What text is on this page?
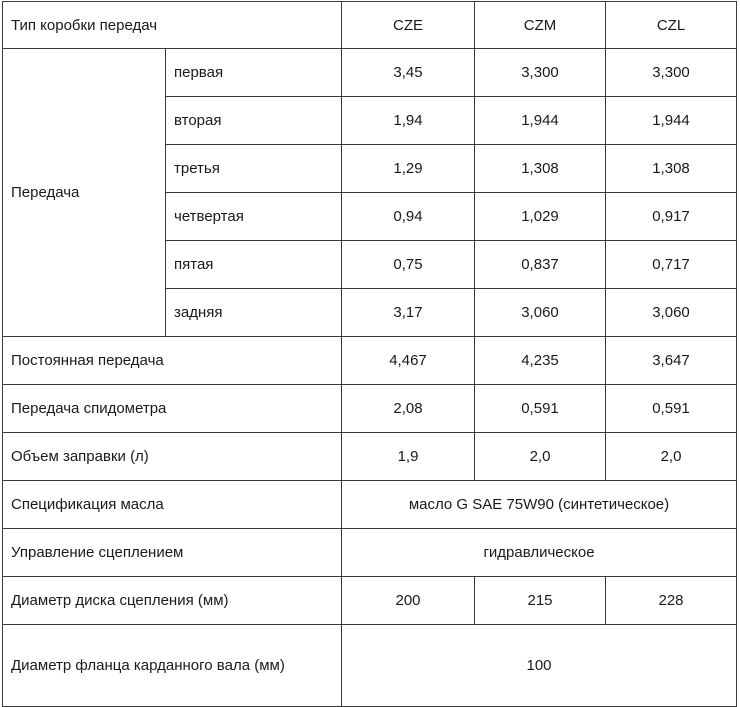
Тип коробки передач		CZE	CZM	CZL
Передача	первая	3,45	3,300	3,300
	вторая	1,94	1,944	1,944
	третья	1,29	1,308	1,308
	четвертая	0,94	1,029	0,917
	пятая	0,75	0,837	0,717
	задняя	3,17	3,060	3,060
Постоянная передача		4,467	4,235	3,647
Передача спидометра		2,08	0,591	0,591
Объем заправки (л)		1,9	2,0	2,0
Спецификация масла		масло G SAE 75W90 (синтетическое)		
Управление сцеплением		гидравлическое		
Диаметр диска сцепления (мм)		200	215	228
Диаметр фланца карданного вала (мм)		100		
